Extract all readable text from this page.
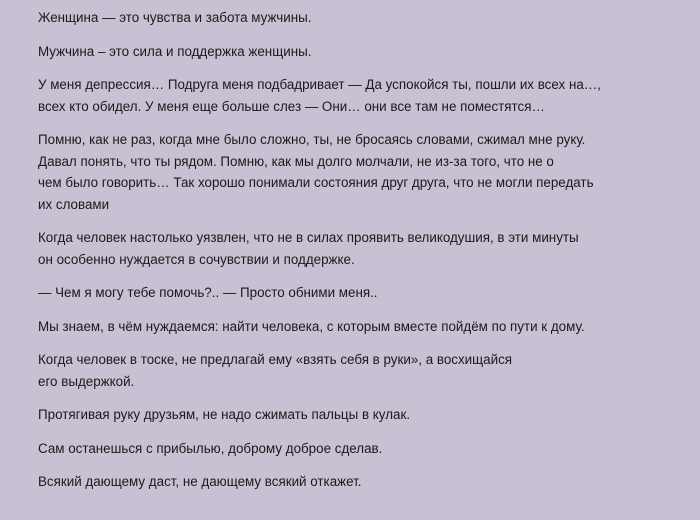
Женщина — это чувства и забота мужчины.

Мужчина – это сила и поддержка женщины.

У меня депрессия… Подруга меня подбадривает — Да успокойся ты, пошли их всех на…,
всех кто обидел. У меня еще больше слез — Они… они все там не поместятся…

Помню, как не раз, когда мне было сложно, ты, не бросаясь словами, сжимал мне руку.
Давал понять, что ты рядом. Помню, как мы долго молчали, не из-за того, что не о
чем было говорить… Так хорошо понимали состояния друг друга, что не могли передать
их словами

Когда человек настолько уязвлен, что не в силах проявить великодушия, в эти минуты
он особенно нуждается в сочувствии и поддержке.

— Чем я могу тебе помочь?.. — Просто обними меня..

Мы знаем, в чём нуждаемся: найти человека, с которым вместе пойдём по пути к дому.

Когда человек в тоске, не предлагай ему «взять себя в руки», а восхищайся
его выдержкой.

Протягивая руку друзьям, не надо сжимать пальцы в кулак.

Сам останешься с прибылью, доброму доброе сделав.

Всякий дающему даст, не дающему всякий откажет.
